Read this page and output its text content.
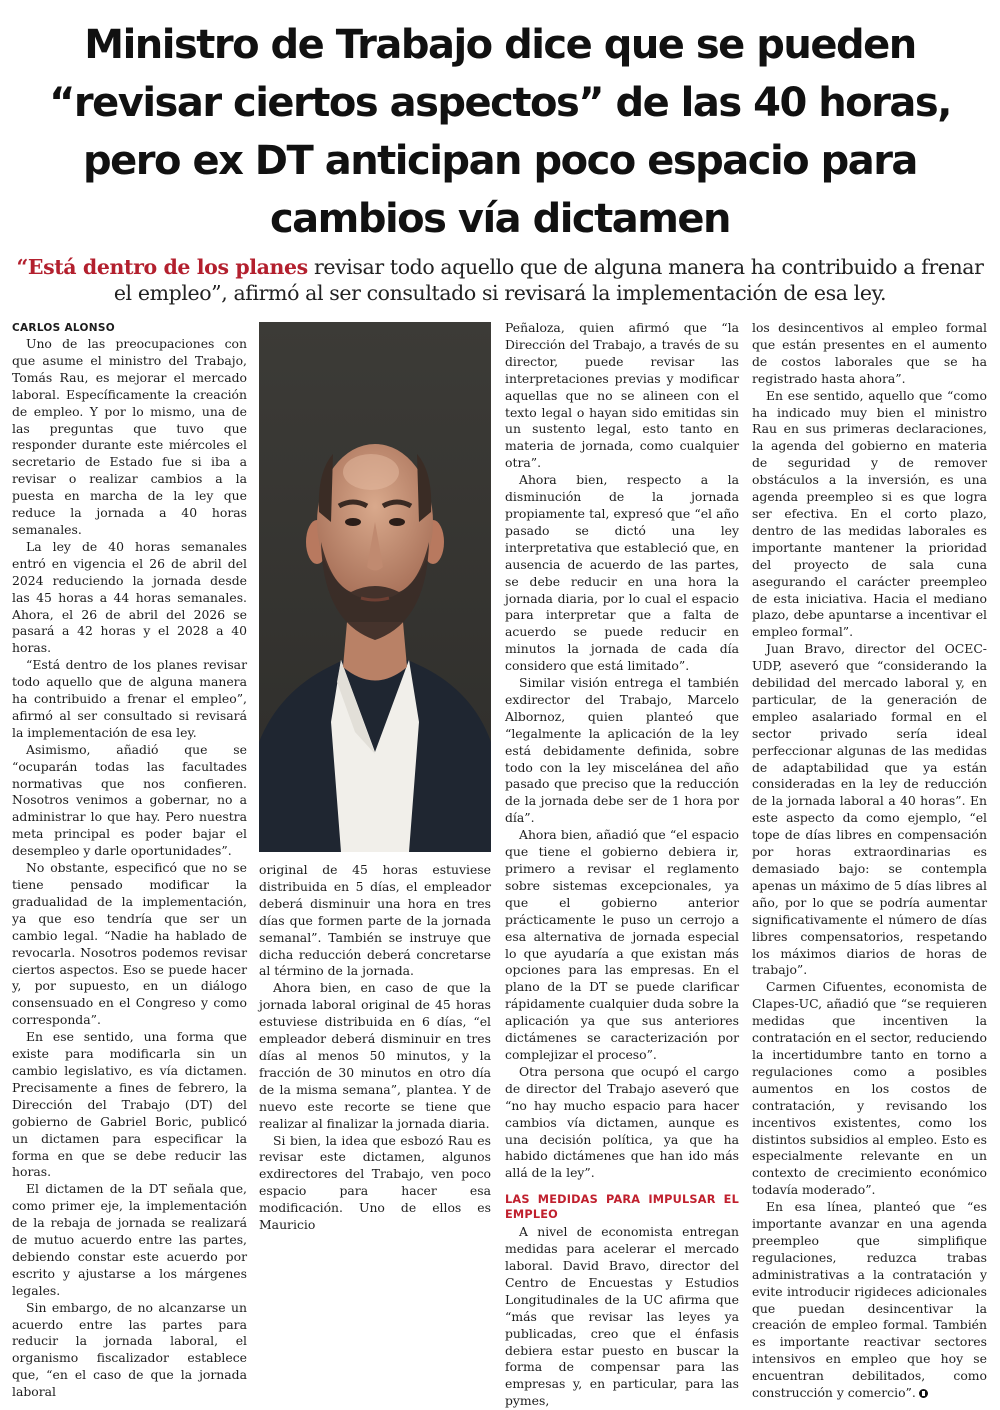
Ministro de Trabajo dice que se pueden “revisar ciertos aspectos” de las 40 horas, pero ex DT anticipan poco espacio para cambios vía dictamen
“Está dentro de los planes revisar todo aquello que de alguna manera ha contribuido a frenar el empleo”, afirmó al ser consultado si revisará la implementación de esa ley.

CARLOS ALONSO

Uno de las preocupaciones con que asume el ministro del Trabajo, Tomás Rau, es mejorar el mercado laboral. Específicamente la creación de empleo. Y por lo mismo, una de las preguntas que tuvo que responder durante este miércoles el secretario de Estado fue si iba a revisar o realizar cambios a la puesta en marcha de la ley que reduce la jornada a 40 horas semanales.

La ley de 40 horas semanales entró en vigencia el 26 de abril del 2024 reduciendo la jornada desde las 45 horas a 44 horas semanales. Ahora, el 26 de abril del 2026 se pasará a 42 horas y el 2028 a 40 horas.

“Está dentro de los planes revisar todo aquello que de alguna manera ha contribuido a frenar el empleo”, afirmó al ser consultado si revisará la implementación de esa ley.

Asimismo, añadió que se “ocuparán todas las facultades normativas que nos confieren. Nosotros venimos a gobernar, no a administrar lo que hay. Pero nuestra meta principal es poder bajar el desempleo y darle oportunidades”.

No obstante, especificó que no se tiene pensado modificar la gradualidad de la implementación, ya que eso tendría que ser un cambio legal. “Nadie ha hablado de revocarla. Nosotros podemos revisar ciertos aspectos. Eso se puede hacer y, por supuesto, en un diálogo consensuado en el Congreso y como corresponda”.

En ese sentido, una forma que existe para modificarla sin un cambio legislativo, es vía dictamen. Precisamente a fines de febrero, la Dirección del Trabajo (DT) del gobierno de Gabriel Boric, publicó un dictamen para especificar la forma en que se debe reducir las horas.

El dictamen de la DT señala que, como primer eje, la implementación de la rebaja de jornada se realizará de mutuo acuerdo entre las partes, debiendo constar este acuerdo por escrito y ajustarse a los márgenes legales.

Sin embargo, de no alcanzarse un acuerdo entre las partes para reducir la jornada laboral, el organismo fiscalizador establece que, “en el caso de que la jornada laboral

original de 45 horas estuviese distribuida en 5 días, el empleador deberá disminuir una hora en tres días que formen parte de la jornada semanal”. También se instruye que dicha reducción deberá concretarse al término de la jornada.

Ahora bien, en caso de que la jornada laboral original de 45 horas estuviese distribuida en 6 días, “el empleador deberá disminuir en tres días al menos 50 minutos, y la fracción de 30 minutos en otro día de la misma semana”, plantea. Y de nuevo este recorte se tiene que realizar al finalizar la jornada diaria.

Si bien, la idea que esbozó Rau es revisar este dictamen, algunos exdirectores del Trabajo, ven poco espacio para hacer esa modificación. Uno de ellos es Mauricio

Peñaloza, quien afirmó que “la Dirección del Trabajo, a través de su director, puede revisar las interpretaciones previas y modificar aquellas que no se alineen con el texto legal o hayan sido emitidas sin un sustento legal, esto tanto en materia de jornada, como cualquier otra”.

Ahora bien, respecto a la disminución de la jornada propiamente tal, expresó que “el año pasado se dictó una ley interpretativa que estableció que, en ausencia de acuerdo de las partes, se debe reducir en una hora la jornada diaria, por lo cual el espacio para interpretar que a falta de acuerdo se puede reducir en minutos la jornada de cada día considero que está limitado”.

Similar visión entrega el también exdirector del Trabajo, Marcelo Albornoz, quien planteó que “legalmente la aplicación de la ley está debidamente definida, sobre todo con la ley miscelánea del año pasado que preciso que la reducción de la jornada debe ser de 1 hora por día”.

Ahora bien, añadió que “el espacio que tiene el gobierno debiera ir, primero a revisar el reglamento sobre sistemas excepcionales, ya que el gobierno anterior prácticamente le puso un cerrojo a esa alternativa de jornada especial lo que ayudaría a que existan más opciones para las empresas. En el plano de la DT se puede clarificar rápidamente cualquier duda sobre la aplicación ya que sus anteriores dictámenes se caracterización por complejizar el proceso”.

Otra persona que ocupó el cargo de director del Trabajo aseveró que “no hay mucho espacio para hacer cambios vía dictamen, aunque es una decisión política, ya que ha habido dictámenes que han ido más allá de la ley”.

LAS MEDIDAS PARA IMPULSAR EL EMPLEO

A nivel de economista entregan medidas para acelerar el mercado laboral. David Bravo, director del Centro de Encuestas y Estudios Longitudinales de la UC afirma que “más que revisar las leyes ya publicadas, creo que el énfasis debiera estar puesto en buscar la forma de compensar para las empresas y, en particular, para las pymes,

los desincentivos al empleo formal que están presentes en el aumento de costos laborales que se ha registrado hasta ahora”.

En ese sentido, aquello que “como ha indicado muy bien el ministro Rau en sus primeras declaraciones, la agenda del gobierno en materia de seguridad y de remover obstáculos a la inversión, es una agenda preempleo si es que logra ser efectiva. En el corto plazo, dentro de las medidas laborales es importante mantener la prioridad del proyecto de sala cuna asegurando el carácter preempleo de esta iniciativa. Hacia el mediano plazo, debe apuntarse a incentivar el empleo formal”.

Juan Bravo, director del OCEC-UDP, aseveró que “considerando la debilidad del mercado laboral y, en particular, de la generación de empleo asalariado formal en el sector privado sería ideal perfeccionar algunas de las medidas de adaptabilidad que ya están consideradas en la ley de reducción de la jornada laboral a 40 horas”. En este aspecto da como ejemplo, “el tope de días libres en compensación por horas extraordinarias es demasiado bajo: se contempla apenas un máximo de 5 días libres al año, por lo que se podría aumentar significativamente el número de días libres compensatorios, respetando los máximos diarios de horas de trabajo”.

Carmen Cifuentes, economista de Clapes-UC, añadió que “se requieren medidas que incentiven la contratación en el sector, reduciendo la incertidumbre tanto en torno a regulaciones como a posibles aumentos en los costos de contratación, y revisando los incentivos existentes, como los distintos subsidios al empleo. Esto es especialmente relevante en un contexto de crecimiento económico todavía moderado”.

En esa línea, planteó que “es importante avanzar en una agenda preempleo que simplifique regulaciones, reduzca trabas administrativas a la contratación y evite introducir rigideces adicionales que puedan desincentivar la creación de empleo formal. También es importante reactivar sectores intensivos en empleo que hoy se encuentran debilitados, como construcción y comercio”.
